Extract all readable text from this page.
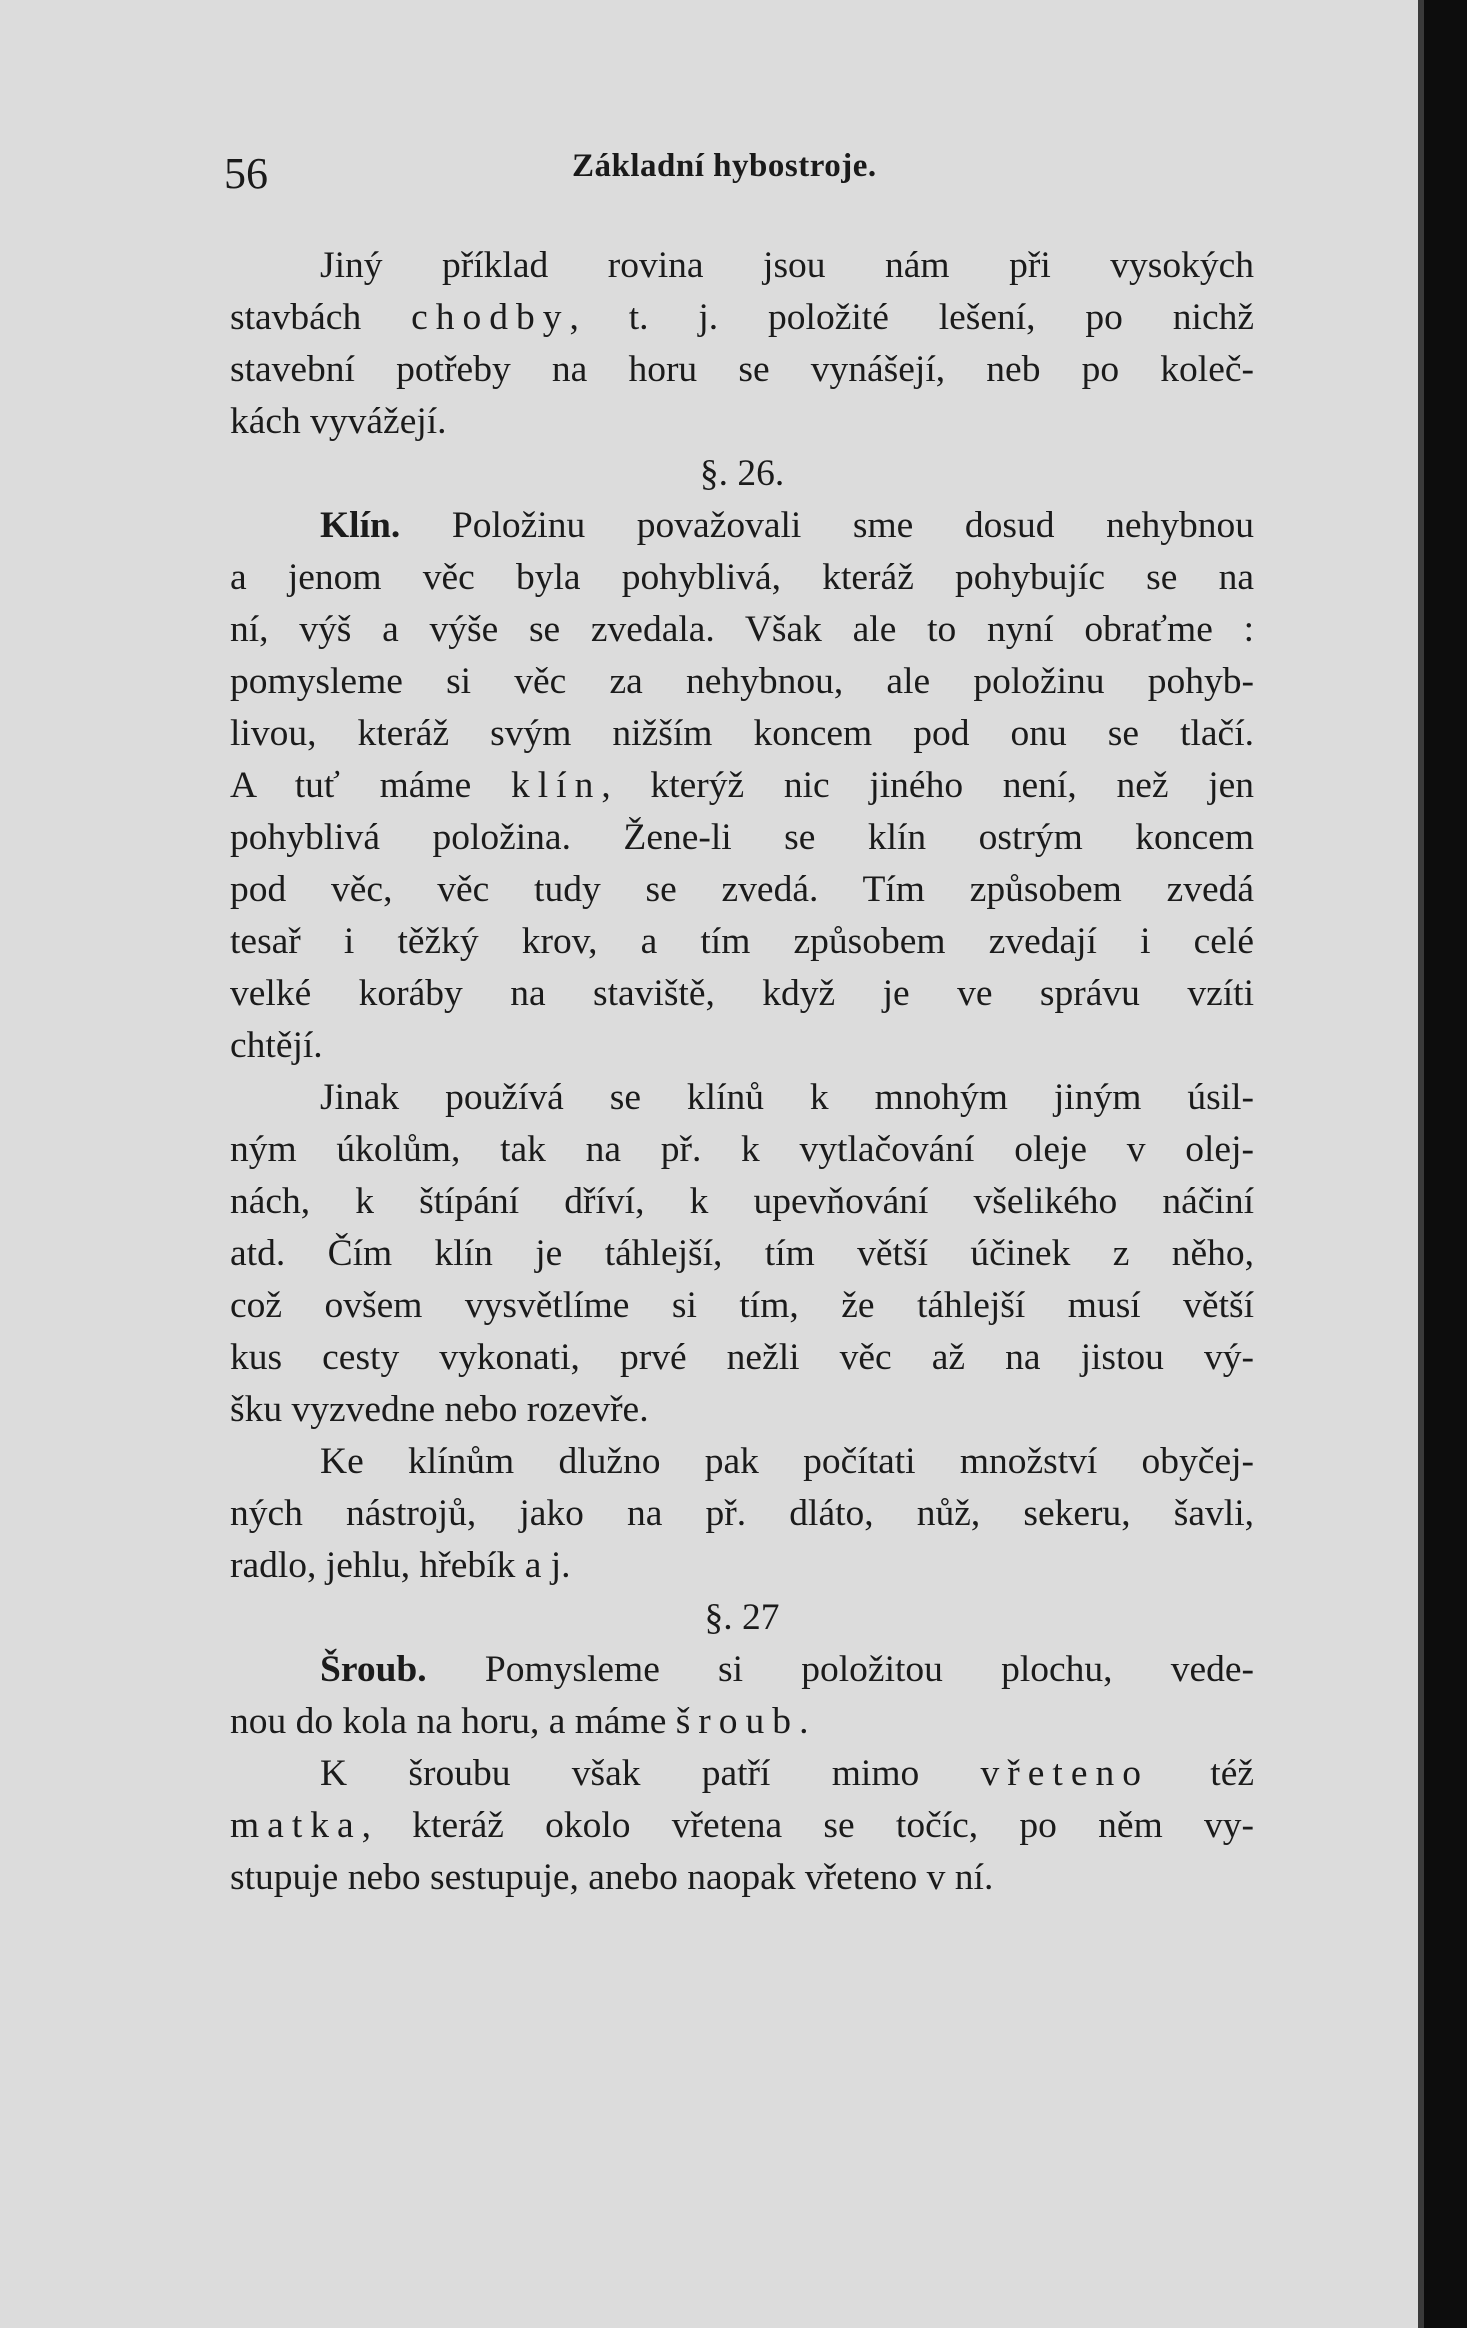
56	Základní hybostroje.
Jiný příklad rovina jsou nám při vysokých
stavbách chodby, t. j. položité lešení, po nichž
stavební potřeby na horu se vynášejí, neb po koleč-
kách vyvážejí.
§. 26.
Klín. Položinu považovali sme dosud nehybnou
a jenom věc byla pohyblivá, kteráž pohybujíc se na
ní, výš a výše se zvedala. Však ale to nyní obraťme :
pomysleme si věc za nehybnou, ale položinu pohyb-
livou, kteráž svým nižším koncem pod onu se tlačí.
A tuť máme klín, kterýž nic jiného není, než jen
pohyblivá položina. Žene-li se klín ostrým koncem
pod věc, věc tudy se zvedá. Tím způsobem zvedá
tesař i těžký krov, a tím způsobem zvedají i celé
velké koráby na staviště, když je ve správu vzíti
chtějí.
Jinak používá se klínů k mnohým jiným úsil-
ným úkolům, tak na př. k vytlačování oleje v olej-
nách, k štípání dříví, k upevňování všelikého náčiní
atd. Čím klín je táhlejší, tím větší účinek z něho,
což ovšem vysvětlíme si tím, že táhlejší musí větší
kus cesty vykonati, prvé nežli věc až na jistou vý-
šku vyzvedne nebo rozevře.
Ke klínům dlužno pak počítati množství obyčej-
ných nástrojů, jako na př. dláto, nůž, sekeru, šavli,
radlo, jehlu, hřebík a j.
§. 27
Šroub. Pomysleme si položitou plochu, vede-
nou do kola na horu, a máme šroub.
K šroubu však patří mimo vřeteno též
matka, kteráž okolo vřetena se točíc, po něm vy-
stupuje nebo sestupuje, anebo naopak vřeteno v ní.
